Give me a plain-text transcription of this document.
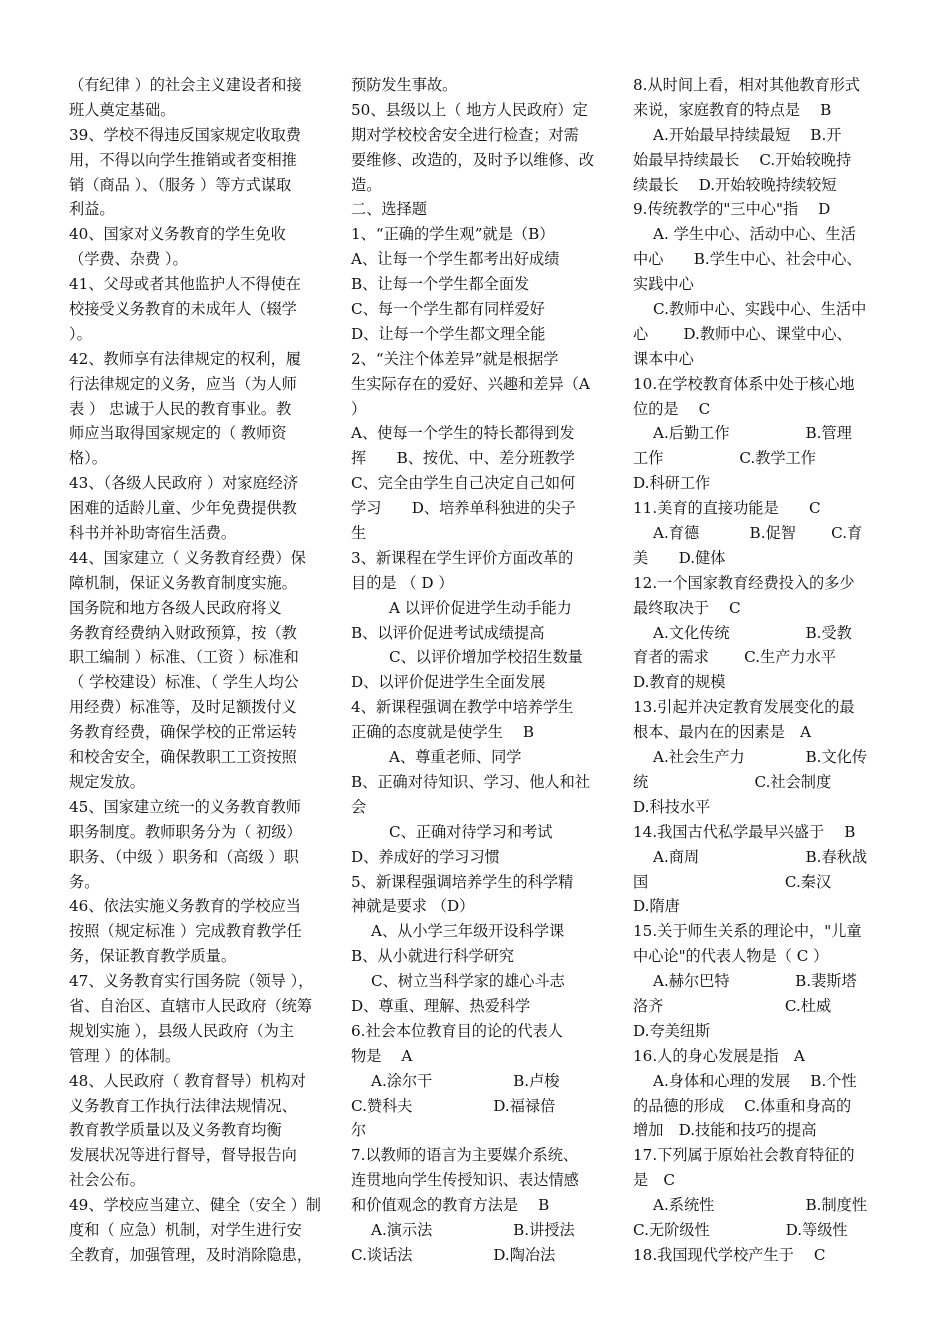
（有纪律 ）的社会主义建设者和接
班人奠定基础。
39、学校不得违反国家规定收取费
用，不得以向学生推销或者变相推
销（商品 ）、（服务 ）等方式谋取
利益。
40、国家对义务教育的学生免收
（学费、杂费 ）。
41、父母或者其他监护人不得使在
校接受义务教育的未成年人（辍学
）。
42、教师享有法律规定的权利，履
行法律规定的义务，应当（为人师
表 ） 忠诚于人民的教育事业。教
师应当取得国家规定的（ 教师资
格）。
43、（各级人民政府 ）对家庭经济
困难的适龄儿童、少年免费提供教
科书并补助寄宿生活费。
44、国家建立（ 义务教育经费）保
障机制，保证义务教育制度实施。
国务院和地方各级人民政府将义
务教育经费纳入财政预算，按（教
职工编制 ）标准、（工资 ）标准和
（ 学校建设）标准、（ 学生人均公
用经费）标准等，及时足额拨付义
务教育经费，确保学校的正常运转
和校舍安全，确保教职工工资按照
规定发放。
45、国家建立统一的义务教育教师
职务制度。教师职务分为（ 初级）
职务、（中级 ）职务和（高级 ）职
务。
46、依法实施义务教育的学校应当
按照（规定标准 ）完成教育教学任
务，保证教育教学质量。
47、义务教育实行国务院（领导 ），
省、自治区、直辖市人民政府（统筹
规划实施 ），县级人民政府（为主
管理 ）的体制。
48、人民政府（ 教育督导）机构对
义务教育工作执行法律法规情况、
教育教学质量以及义务教育均衡
发展状况等进行督导，督导报告向
社会公布。
49、学校应当建立、健全（安全 ）制
度和（ 应急）机制，对学生进行安
全教育，加强管理，及时消除隐患，
预防发生事故。
50、县级以上（ 地方人民政府）定
期对学校校舍安全进行检查；对需
要维修、改造的，及时予以维修、改
造。
二、选择题
1、“正确的学生观”就是（B）
A、让每一个学生都考出好成绩
B、让每一个学生都全面发
C、每一个学生都有同样爱好
D、让每一个学生都文理全能
2、“关注个体差异”就是根据学
生实际存在的爱好、兴趣和差异（A
）
A、使每一个学生的特长都得到发
挥　　B、按优、中、差分班教学
C、完全由学生自己决定自己如何
学习　　D、培养单科独进的尖子
生
3、新课程在学生评价方面改革的
目的是 （ D ）
A 以评价促进学生动手能力
B、以评价促进考试成绩提高
C、以评价增加学校招生数量
D、以评价促进学生全面发展
4、新课程强调在教学中培养学生
正确的态度就是使学生 　B
A、尊重老师、同学
B、正确对待知识、学习、他人和社
会
C、正确对待学习和考试
D、养成好的学习习惯
5、新课程强调培养学生的科学精
神就是要求 （D）
A、从小学三年级开设科学课
B、从小就进行科学研究
C、树立当科学家的雄心斗志
D、尊重、理解、热爱科学
6.社会本位教育目的论的代表人
物是 　A
A.涂尔干　　　　　 B.卢梭
C.赞科夫　　　　　 D.福禄倍
尔
7.以教师的语言为主要媒介系统、
连贯地向学生传授知识、表达情感
和价值观念的教育方法是　 B
A.演示法　　　　　 B.讲授法
C.谈话法　　　　　 D.陶冶法
8.从时间上看，相对其他教育形式
来说，家庭教育的特点是　 B
A.开始最早持续最短　 B.开
始最早持续最长　 C.开始较晚持
续最长　 D.开始较晚持续较短
9.传统教学的"三中心"指　 D
A. 学生中心、活动中心、生活
中心　　B.学生中心、社会中心、
实践中心
C.教师中心、实践中心、生活中
心　　 D.教师中心、课堂中心、
课本中心
10.在学校教育体系中处于核心地
位的是　 C
A.后勤工作　　　　　B.管理
工作　　　　　C.教学工作
D.科研工作
11.美育的直接功能是　　C
A.育德　　　 B.促智　　 C.育
美　　D.健体
12.一个国家教育经费投入的多少
最终取决于　 C
A.文化传统　　　　　B.受教
育者的需求　　 C.生产力水平
D.教育的规模
13.引起并决定教育发展变化的最
根本、最内在的因素是　A
A.社会生产力　　　　B.文化传
统　　　　　　　C.社会制度
D.科技水平
14.我国古代私学最早兴盛于　 B
A.商周　　　　　　　B.春秋战
国　　　　　　　　　C.秦汉
D.隋唐
15.关于师生关系的理论中，"儿童
中心论"的代表人物是（ C ）
A.赫尔巴特　　　　 B.裴斯塔
洛齐　　　　　　　　C.杜威
D.夸美纽斯
16.人的身心发展是指　A
A.身体和心理的发展　 B.个性
的品德的形成　 C.体重和身高的
增加　D.技能和技巧的提高
17.下列属于原始社会教育特征的
是　C
A.系统性　　　　　　B.制度性
C.无阶级性　　　　　D.等级性
18.我国现代学校产生于　 C
